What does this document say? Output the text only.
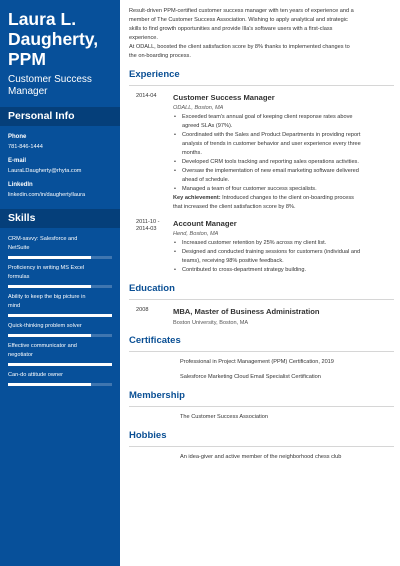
Laura L.
Daugherty,
PPM
Customer Success
Manager
Personal Info
Phone
781-846-1444
E-mail
LauraLDaugherty@rhyta.com
LinkedIn
linkedin.com/in/daughertyllaura
Skills
CRM-savvy: Salesforce and
NetSuite
Proficiency in writing MS Excel
formulas
Ability to keep the big picture in
mind
Quick-thinking problem solver
Effective communicator and
negotiator
Can-do attitude owner

Result-driven PPM-certified customer success manager with ten years of experience and a

member of The Customer Success Association. Wishing to apply analytical and strategic

skills to find growth opportunities and provide Illa's software users with a first-class

experience.

At ODALL, boosted the client satisfaction score by 8% thanks to implemented changes to

the on-boarding process.

Experience
2014-04	Customer Success Manager
ODALL, Boston, MA
• Exceeded team's annual goal of keeping client response rates above
agreed SLAs (97%).
• Coordinated with the Sales and Product Departments in providing report
analysis of trends in customer behavior and user experience every three
months.
• Developed CRM tools tracking and reporting sales operations activities.
• Oversaw the implementation of new email marketing software delivered
ahead of schedule.
• Managed a team of four customer success specialists.
Key achievement: Introduced changes to the client on-boarding process
that increased the client satisfaction score by 8%.
2011-10 -
2014-03
Account Manager
Hend, Boston, MA
• Increased customer retention by 25% across my client list.
• Designed and conducted training sessions for customers (individual and
teams), receiving 98% positive feedback.
• Contributed to cross-department strategy building.
Education
2008	MBA, Master of Business Administration
Boston University, Boston, MA
Certificates
Professional in Project Management (PPM) Certification, 2019
Salesforce Marketing Cloud Email Specialist Certification
Membership
The Customer Success Association
Hobbies
An idea-giver and active member of the neighborhood chess club
